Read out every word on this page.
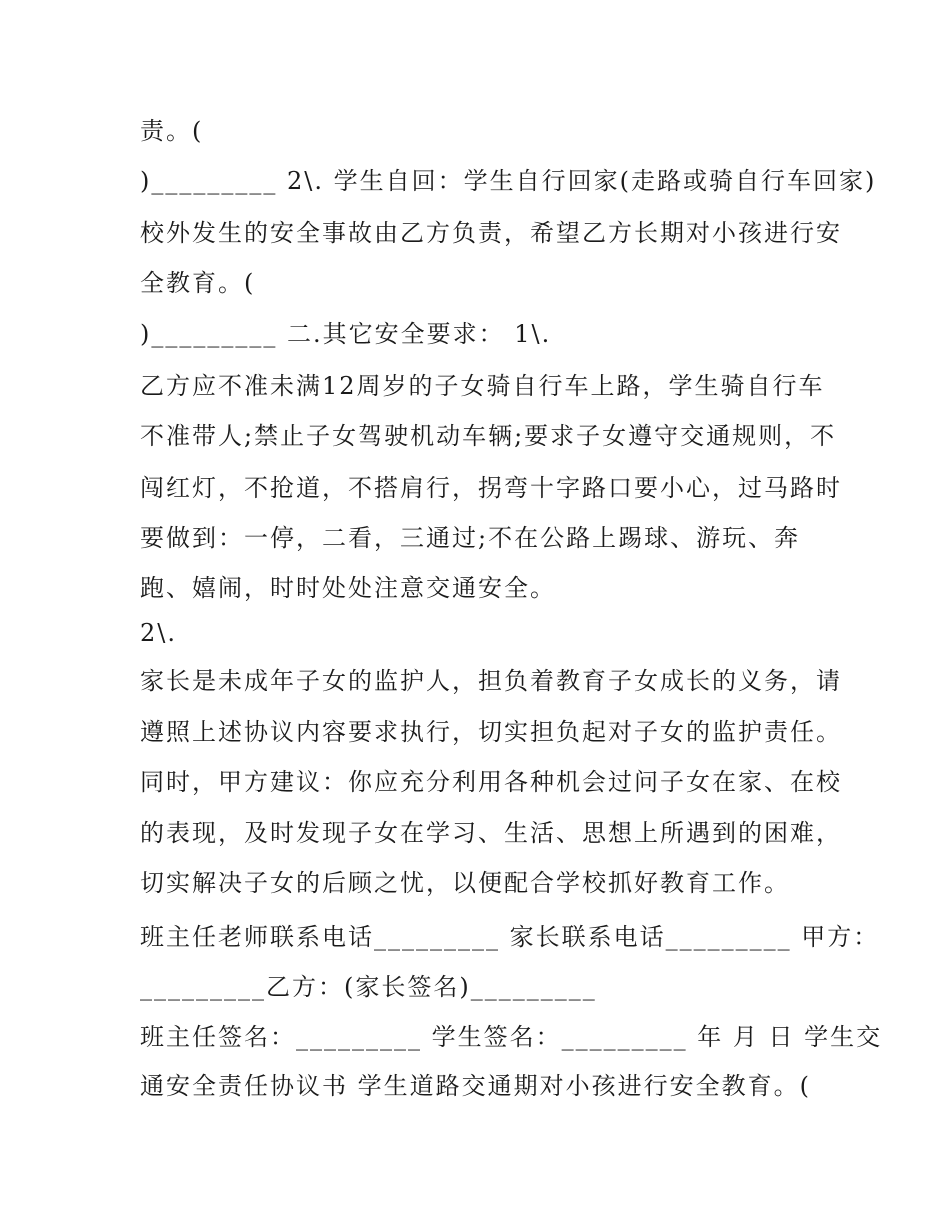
责。(
)_________ 2\. 学生自回：学生自行回家(走路或骑自行车回家)
校外发生的安全事故由乙方负责，希望乙方长期对小孩进行安
全教育。(
)_________ 二.其它安全要求： 1\.
乙方应不准未满12周岁的子女骑自行车上路，学生骑自行车
不准带人;禁止子女驾驶机动车辆;要求子女遵守交通规则，不
闯红灯，不抢道，不搭肩行，拐弯十字路口要小心，过马路时
要做到：一停，二看，三通过;不在公路上踢球、游玩、奔
跑、嬉闹，时时处处注意交通安全。
2\.
家长是未成年子女的监护人，担负着教育子女成长的义务，请
遵照上述协议内容要求执行，切实担负起对子女的监护责任。
同时，甲方建议：你应充分利用各种机会过问子女在家、在校
的表现，及时发现子女在学习、生活、思想上所遇到的困难，
切实解决子女的后顾之忧，以便配合学校抓好教育工作。
班主任老师联系电话_________ 家长联系电话_________ 甲方：
_________乙方：(家长签名)_________
班主任签名：_________ 学生签名：_________ 年 月 日 学生交
通安全责任协议书 学生道路交通期对小孩进行安全教育。(
